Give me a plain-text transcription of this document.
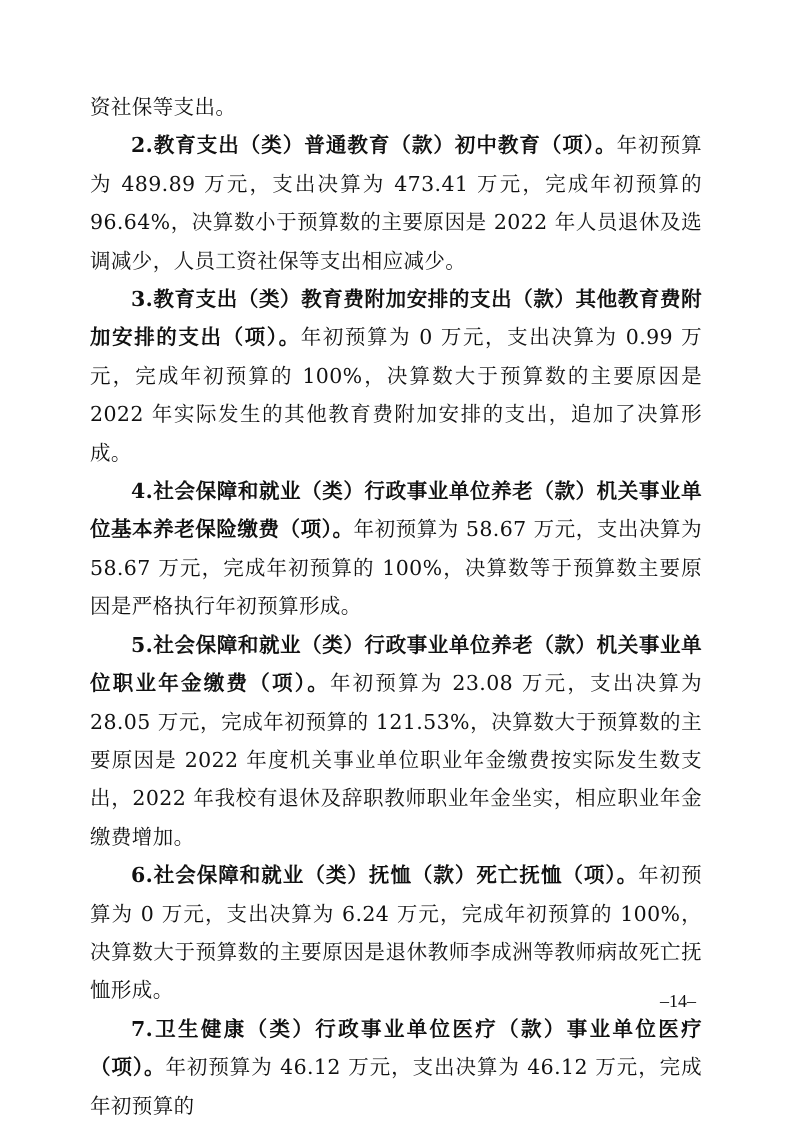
资社保等支出。

2.教育支出（类）普通教育（款）初中教育（项）。年初预算为 489.89 万元，支出决算为 473.41 万元，完成年初预算的 96.64%，决算数小于预算数的主要原因是 2022 年人员退休及选调减少，人员工资社保等支出相应减少。

3.教育支出（类）教育费附加安排的支出（款）其他教育费附加安排的支出（项）。年初预算为 0 万元，支出决算为 0.99 万元，完成年初预算的 100%，决算数大于预算数的主要原因是 2022 年实际发生的其他教育费附加安排的支出，追加了决算形成。

4.社会保障和就业（类）行政事业单位养老（款）机关事业单位基本养老保险缴费（项）。年初预算为 58.67 万元，支出决算为 58.67 万元，完成年初预算的 100%，决算数等于预算数主要原因是严格执行年初预算形成。

5.社会保障和就业（类）行政事业单位养老（款）机关事业单位职业年金缴费（项）。年初预算为 23.08 万元，支出决算为 28.05 万元，完成年初预算的 121.53%，决算数大于预算数的主要原因是 2022 年度机关事业单位职业年金缴费按实际发生数支出，2022 年我校有退休及辞职教师职业年金坐实，相应职业年金缴费增加。

6.社会保障和就业（类）抚恤（款）死亡抚恤（项）。年初预算为 0 万元，支出决算为 6.24 万元，完成年初预算的 100%，决算数大于预算数的主要原因是退休教师李成洲等教师病故死亡抚恤形成。

7.卫生健康（类）行政事业单位医疗（款）事业单位医疗（项）。年初预算为 46.12 万元，支出决算为 46.12 万元，完成年初预算的

–14–
